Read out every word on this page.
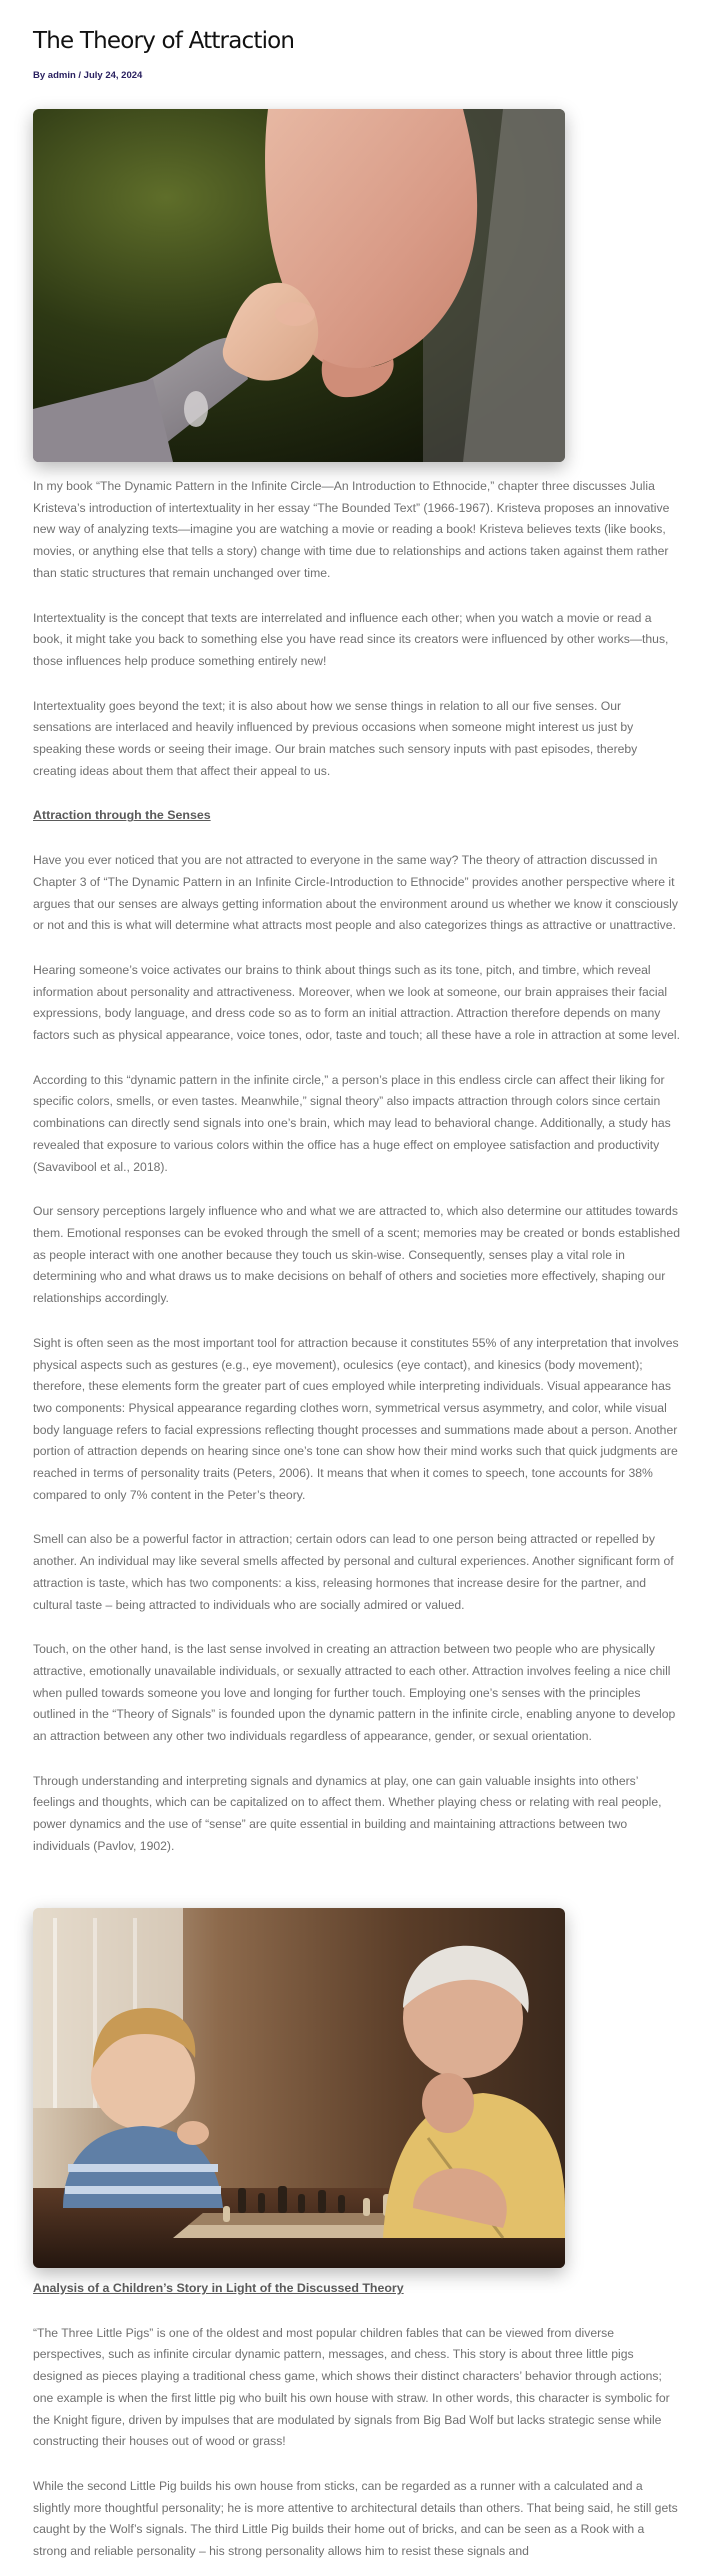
The Theory of Attraction
By admin / July 24, 2024

In my book “The Dynamic Pattern in the Infinite Circle—An Introduction to Ethnocide,” chapter three discusses Julia Kristeva’s introduction of intertextuality in her essay “The Bounded Text” (1966-1967). Kristeva proposes an innovative new way of analyzing texts—imagine you are watching a movie or reading a book! Kristeva believes texts (like books, movies, or anything else that tells a story) change with time due to relationships and actions taken against them rather than static structures that remain unchanged over time.

Intertextuality is the concept that texts are interrelated and influence each other; when you watch a movie or read a book, it might take you back to something else you have read since its creators were influenced by other works—thus, those influences help produce something entirely new!

Intertextuality goes beyond the text; it is also about how we sense things in relation to all our five senses. Our sensations are interlaced and heavily influenced by previous occasions when someone might interest us just by speaking these words or seeing their image. Our brain matches such sensory inputs with past episodes, thereby creating ideas about them that affect their appeal to us.

Attraction through the Senses

Have you ever noticed that you are not attracted to everyone in the same way? The theory of attraction discussed in Chapter 3 of “The Dynamic Pattern in an Infinite Circle-Introduction to Ethnocide” provides another perspective where it argues that our senses are always getting information about the environment around us whether we know it consciously or not and this is what will determine what attracts most people and also categorizes things as attractive or unattractive.

Hearing someone’s voice activates our brains to think about things such as its tone, pitch, and timbre, which reveal information about personality and attractiveness. Moreover, when we look at someone, our brain appraises their facial expressions, body language, and dress code so as to form an initial attraction. Attraction therefore depends on many factors such as physical appearance, voice tones, odor, taste and touch; all these have a role in attraction at some level.

According to this “dynamic pattern in the infinite circle,” a person’s place in this endless circle can affect their liking for specific colors, smells, or even tastes. Meanwhile,” signal theory” also impacts attraction through colors since certain combinations can directly send signals into one’s brain, which may lead to behavioral change. Additionally, a study has revealed that exposure to various colors within the office has a huge effect on employee satisfaction and productivity (Savavibool et al., 2018).

Our sensory perceptions largely influence who and what we are attracted to, which also determine our attitudes towards them. Emotional responses can be evoked through the smell of a scent; memories may be created or bonds established as people interact with one another because they touch us skin-wise. Consequently, senses play a vital role in determining who and what draws us to make decisions on behalf of others and societies more effectively, shaping our relationships accordingly.

Sight is often seen as the most important tool for attraction because it constitutes 55% of any interpretation that involves physical aspects such as gestures (e.g., eye movement), oculesics (eye contact), and kinesics (body movement); therefore, these elements form the greater part of cues employed while interpreting individuals. Visual appearance has two components: Physical appearance regarding clothes worn, symmetrical versus asymmetry, and color, while visual body language refers to facial expressions reflecting thought processes and summations made about a person. Another portion of attraction depends on hearing since one’s tone can show how their mind works such that quick judgments are reached in terms of personality traits (Peters, 2006). It means that when it comes to speech, tone accounts for 38% compared to only 7% content in the Peter’s theory.

Smell can also be a powerful factor in attraction; certain odors can lead to one person being attracted or repelled by another. An individual may like several smells affected by personal and cultural experiences. Another significant form of attraction is taste, which has two components: a kiss, releasing hormones that increase desire for the partner, and cultural taste – being attracted to individuals who are socially admired or valued.

Touch, on the other hand, is the last sense involved in creating an attraction between two people who are physically attractive, emotionally unavailable individuals, or sexually attracted to each other. Attraction involves feeling a nice chill when pulled towards someone you love and longing for further touch. Employing one’s senses with the principles outlined in the “Theory of Signals” is founded upon the dynamic pattern in the infinite circle, enabling anyone to develop an attraction between any other two individuals regardless of appearance, gender, or sexual orientation.

Through understanding and interpreting signals and dynamics at play, one can gain valuable insights into others’ feelings and thoughts, which can be capitalized on to affect them. Whether playing chess or relating with real people, power dynamics and the use of “sense” are quite essential in building and maintaining attractions between two individuals (Pavlov, 1902).

Analysis of a Children’s Story in Light of the Discussed Theory

“The Three Little Pigs” is one of the oldest and most popular children fables that can be viewed from diverse perspectives, such as infinite circular dynamic pattern, messages, and chess. This story is about three little pigs designed as pieces playing a traditional chess game, which shows their distinct characters’ behavior through actions; one example is when the first little pig who built his own house with straw. In other words, this character is symbolic for the Knight figure, driven by impulses that are modulated by signals from Big Bad Wolf but lacks strategic sense while constructing their houses out of wood or grass!

While the second Little Pig builds his own house from sticks, can be regarded as a runner with a calculated and a slightly more thoughtful personality; he is more attentive to architectural details than others. That being said, he still gets caught by the Wolf’s signals. The third Little Pig builds their home out of bricks, and can be seen as a Rook with a strong and reliable personality – his strong personality allows him to resist these signals and
